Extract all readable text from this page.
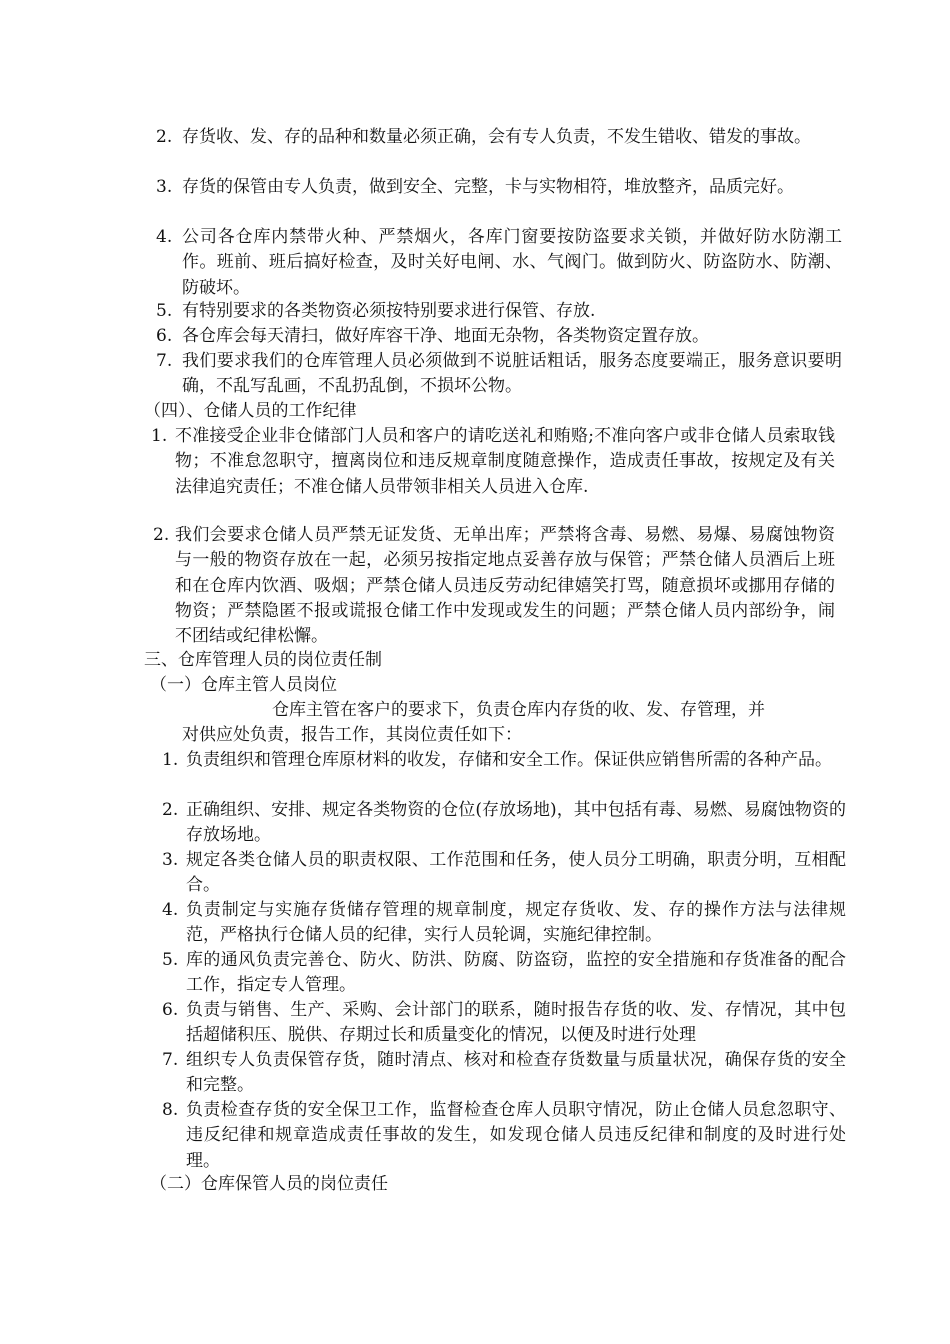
2. 存货收、发、存的品种和数量必须正确，会有专人负责，不发生错收、错发的事故。
3. 存货的保管由专人负责，做到安全、完整，卡与实物相符，堆放整齐，品质完好。
4. 公司各仓库内禁带火种、严禁烟火，各库门窗要按防盗要求关锁，并做好防水防潮工作。班前、班后搞好检查，及时关好电闸、水、气阀门。做到防火、防盗防水、防潮、防破坏。
5. 有特别要求的各类物资必须按特别要求进行保管、存放.
6. 各仓库会每天清扫，做好库容干净、地面无杂物，各类物资定置存放。
7. 我们要求我们的仓库管理人员必须做到不说脏话粗话，服务态度要端正，服务意识要明确，不乱写乱画，不乱扔乱倒，不损坏公物。
（四）、仓储人员的工作纪律
1. 不准接受企业非仓储部门人员和客户的请吃送礼和贿赂;不准向客户或非仓储人员索取钱物；不准怠忽职守，擅离岗位和违反规章制度随意操作，造成责任事故，按规定及有关法律追究责任；不准仓储人员带领非相关人员进入仓库.
2. 我们会要求仓储人员严禁无证发货、无单出库；严禁将含毒、易燃、易爆、易腐蚀物资与一般的物资存放在一起，必须另按指定地点妥善存放与保管；严禁仓储人员酒后上班和在仓库内饮酒、吸烟；严禁仓储人员违反劳动纪律嬉笑打骂，随意损坏或挪用存储的物资；严禁隐匿不报或谎报仓储工作中发现或发生的问题；严禁仓储人员内部纷争，闹不团结或纪律松懈。
三、仓库管理人员的岗位责任制
（一）仓库主管人员岗位
仓库主管在客户的要求下，负责仓库内存货的收、发、存管理，并
对供应处负责，报告工作，其岗位责任如下：
1. 负责组织和管理仓库原材料的收发，存储和安全工作。保证供应销售所需的各种产品。
2. 正确组织、安排、规定各类物资的仓位(存放场地)，其中包括有毒、易燃、易腐蚀物资的存放场地。
3. 规定各类仓储人员的职责权限、工作范围和任务，使人员分工明确，职责分明，互相配合。
4. 负责制定与实施存货储存管理的规章制度，规定存货收、发、存的操作方法与法律规范，严格执行仓储人员的纪律，实行人员轮调，实施纪律控制。
5. 库的通风负责完善仓、防火、防洪、防腐、防盗窃，监控的安全措施和存货准备的配合工作，指定专人管理。
6. 负责与销售、生产、采购、会计部门的联系，随时报告存货的收、发、存情况，其中包括超储积压、脱供、存期过长和质量变化的情况，以便及时进行处理
7. 组织专人负责保管存货，随时清点、核对和检查存货数量与质量状况，确保存货的安全和完整。
8. 负责检查存货的安全保卫工作，监督检查仓库人员职守情况，防止仓储人员怠忽职守、违反纪律和规章造成责任事故的发生，如发现仓储人员违反纪律和制度的及时进行处理。
（二）仓库保管人员的岗位责任
